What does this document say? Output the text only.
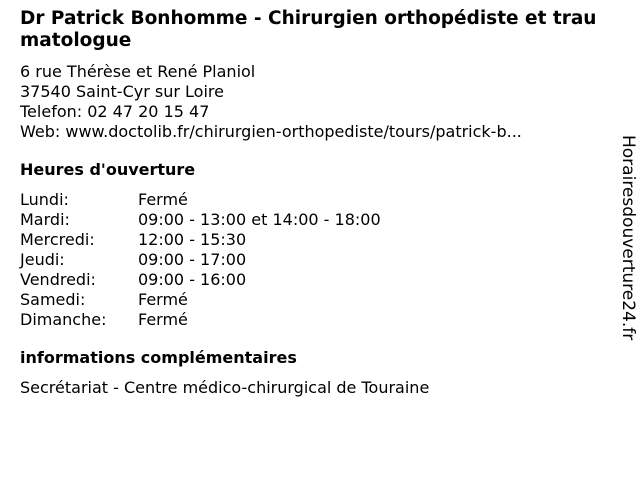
Dr Patrick Bonhomme - Chirurgien orthopédiste et traumatologue
6 rue Thérèse et René Planiol
37540 Saint-Cyr sur Loire
Telefon: 02 47 20 15 47
Web: www.doctolib.fr/chirurgien-orthopediste/tours/patrick-b...
Heures d'ouverture
Lundi:	Fermé
Mardi:	09:00 - 13:00 et 14:00 - 18:00
Mercredi:	12:00 - 15:30
Jeudi:	09:00 - 17:00
Vendredi:	09:00 - 16:00
Samedi:	Fermé
Dimanche:	Fermé
informations complémentaires
Secrétariat - Centre médico-chirurgical de Touraine
Horairesdouverture24.fr
